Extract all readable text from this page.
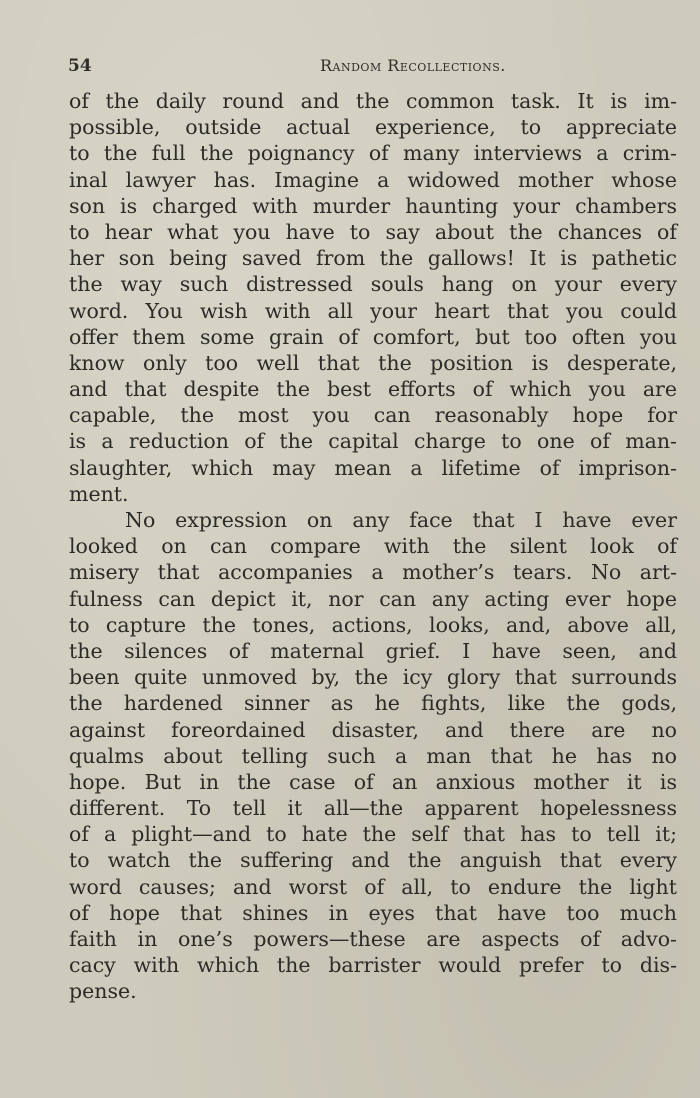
54	Random Recollections.
of the daily round and the common task. It is im-
possible, outside actual experience, to appreciate
to the full the poignancy of many interviews a crim-
inal lawyer has. Imagine a widowed mother whose
son is charged with murder haunting your chambers
to hear what you have to say about the chances of
her son being saved from the gallows! It is pathetic
the way such distressed souls hang on your every
word. You wish with all your heart that you could
offer them some grain of comfort, but too often you
know only too well that the position is desperate,
and that despite the best efforts of which you are
capable, the most you can reasonably hope for
is a reduction of the capital charge to one of man-
slaughter, which may mean a lifetime of imprison-
ment.
No expression on any face that I have ever
looked on can compare with the silent look of
misery that accompanies a mother’s tears. No art-
fulness can depict it, nor can any acting ever hope
to capture the tones, actions, looks, and, above all,
the silences of maternal grief. I have seen, and
been quite unmoved by, the icy glory that surrounds
the hardened sinner as he fights, like the gods,
against foreordained disaster, and there are no
qualms about telling such a man that he has no
hope. But in the case of an anxious mother it is
different. To tell it all—the apparent hopelessness
of a plight—and to hate the self that has to tell it;
to watch the suffering and the anguish that every
word causes; and worst of all, to endure the light
of hope that shines in eyes that have too much
faith in one’s powers—these are aspects of advo-
cacy with which the barrister would prefer to dis-
pense.
